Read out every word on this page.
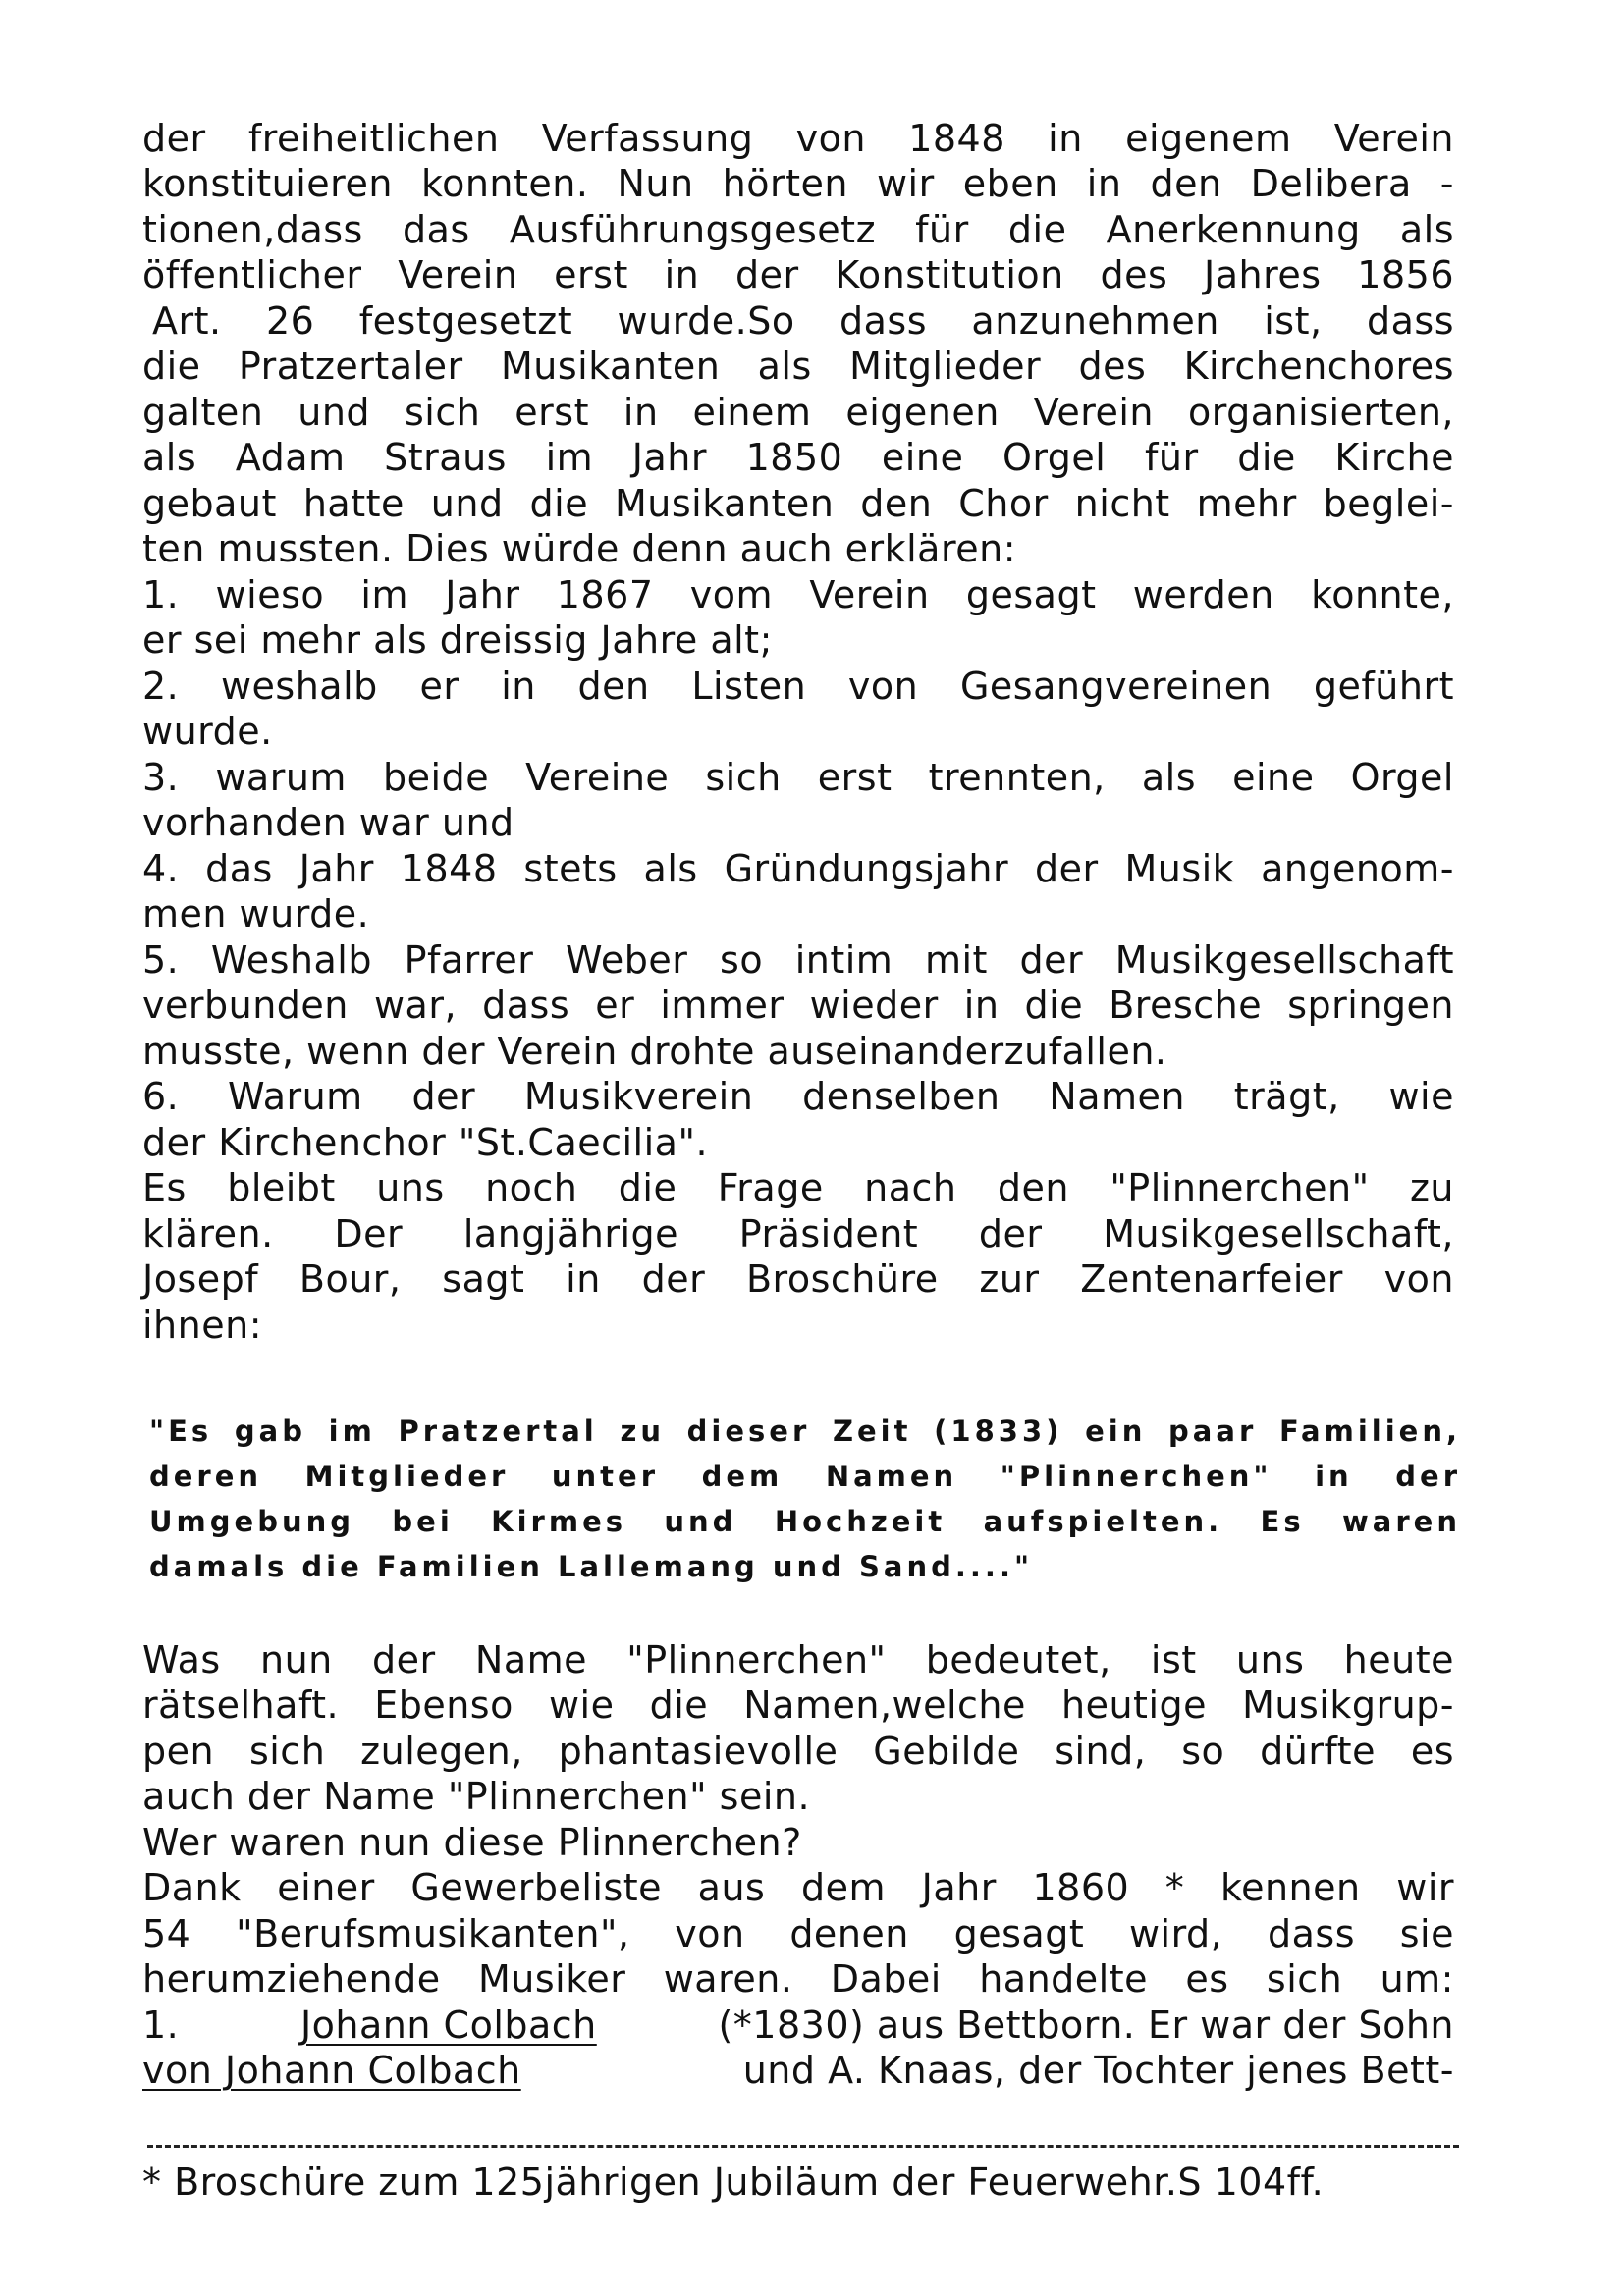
der freiheitlichen Verfassung von 1848 in eigenem Verein
konstituieren konnten. Nun hörten wir eben in den Delibera -
tionen,dass das Ausführungsgesetz für die Anerkennung als
öffentlicher Verein erst in der Konstitution des Jahres 1856
Art. 26 festgesetzt wurde.So dass anzunehmen ist, dass
die Pratzertaler Musikanten als Mitglieder des Kirchenchores
galten und sich erst in einem eigenen Verein organisierten,
als Adam Straus im Jahr 1850 eine Orgel für die Kirche
gebaut hatte und die Musikanten den Chor nicht mehr beglei-
ten mussten. Dies würde denn auch erklären:
1. wieso im Jahr 1867 vom Verein gesagt werden konnte,
er sei mehr als dreissig Jahre alt;
2. weshalb er in den Listen von Gesangvereinen geführt
wurde.
3. warum beide Vereine sich erst trennten, als eine Orgel
vorhanden war und
4. das Jahr 1848 stets als Gründungsjahr der Musik angenom-
men wurde.
5. Weshalb Pfarrer Weber so intim mit der Musikgesellschaft
verbunden war, dass er immer wieder in die Bresche springen
musste, wenn der Verein drohte auseinanderzufallen.
6. Warum der Musikverein denselben Namen trägt, wie
der Kirchenchor "St.Caecilia".
Es bleibt uns noch die Frage nach den "Plinnerchen" zu
klären. Der langjährige Präsident der Musikgesellschaft,
Josepf Bour, sagt in der Broschüre zur Zentenarfeier von
ihnen:
"Es gab im Pratzertal zu dieser Zeit (1833) ein paar Familien,
deren Mitglieder unter dem Namen "Plinnerchen" in der
Umgebung bei Kirmes und Hochzeit aufspielten. Es waren
damals die Familien Lallemang und Sand...."
Was nun der Name "Plinnerchen" bedeutet, ist uns heute
rätselhaft. Ebenso wie die Namen,welche heutige Musikgrup-
pen sich zulegen, phantasievolle Gebilde sind, so dürfte es
auch der Name "Plinnerchen" sein.
Wer waren nun diese Plinnerchen?
Dank einer Gewerbeliste aus dem Jahr 1860 * kennen wir
54 "Berufsmusikanten", von denen gesagt wird, dass sie
herumziehende Musiker waren. Dabei handelte es sich um:
1.	Johann Colbach	(*1830) aus Bettborn. Er war der Sohn
von Johann Colbach	und A. Knaas, der Tochter jenes Bett-
* Broschüre zum 125jährigen Jubiläum der Feuerwehr.S 104ff.
